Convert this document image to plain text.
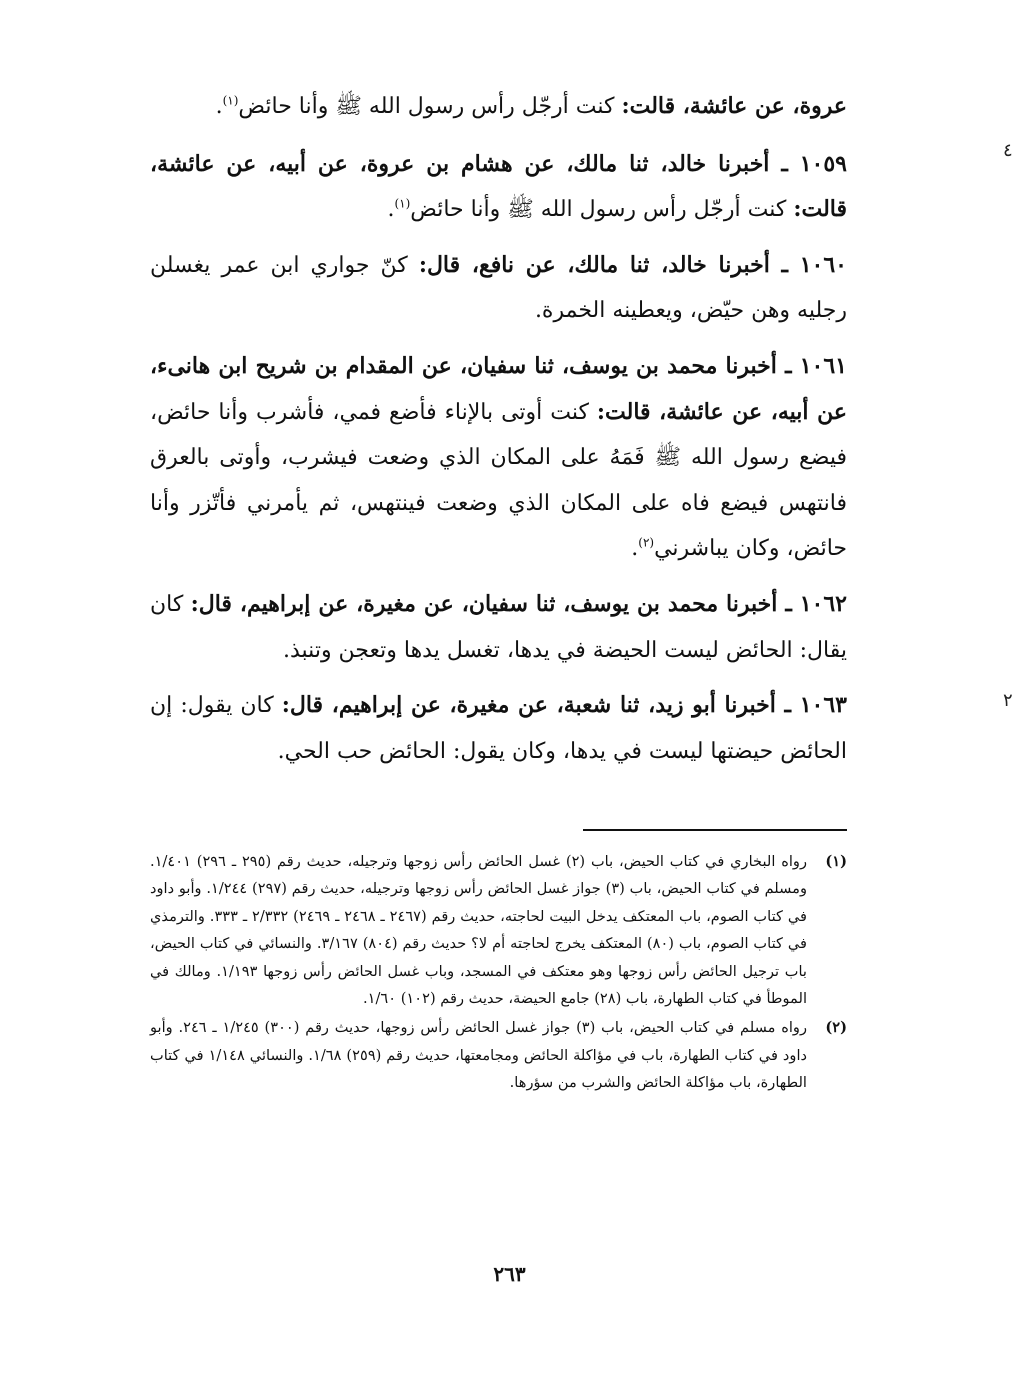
عروة، عن عائشة، قالت: كنت أرجّل رأس رسول الله ﷺ وأنا حائض$^{(١)}$.

١٠٥٩ ـ أخبرنا خالد، ثنا مالك، عن هشام بن عروة، عن أبيه، عن عائشة، قالت: كنت أرجّل رأس رسول الله ﷺ وأنا حائض$^{(١)}$.

١٠٦٠ ـ أخبرنا خالد، ثنا مالك، عن نافع، قال: كنّ جواري ابن عمر يغسلن رجليه وهن حيّض، ويعطينه الخمرة.

١٠٦١ ـ أخبرنا محمد بن يوسف، ثنا سفيان، عن المقدام بن شريح ابن هانىء، عن أبيه، عن عائشة، قالت: كنت أوتى بالإناء فأضع فمي، فأشرب وأنا حائض، فيضع رسول الله ﷺ فَمَهُ على المكان الذي وضعت فيشرب، وأوتى بالعرق فانتهس فيضع فاه على المكان الذي وضعت فينتهس، ثم يأمرني فأتّزر وأنا حائض، وكان يباشرني$^{(٢)}$.

١٠٦٢ ـ أخبرنا محمد بن يوسف، ثنا سفيان، عن مغيرة، عن إبراهيم، قال: كان يقال: الحائض ليست الحيضة في يدها، تغسل يدها وتعجن وتنبذ.

١٠٦٣ ـ أخبرنا أبو زيد، ثنا شعبة، عن مغيرة، عن إبراهيم، قال: كان يقول: إن الحائض حيضتها ليست في يدها، وكان يقول: الحائض حب الحي.

(١)
رواه البخاري في كتاب الحيض، باب (٢) غسل الحائض رأس زوجها وترجيله، حديث رقم (٢٩٥ ـ ٢٩٦) ١/٤٠١. ومسلم في كتاب الحيض، باب (٣) جواز غسل الحائض رأس زوجها وترجيله، حديث رقم (٢٩٧) ١/٢٤٤. وأبو داود في كتاب الصوم، باب المعتكف يدخل البيت لحاجته، حديث رقم (٢٤٦٧ ـ ٢٤٦٨ ـ ٢٤٦٩) ٢/٣٣٢ ـ ٣٣٣. والترمذي في كتاب الصوم، باب (٨٠) المعتكف يخرج لحاجته أم لا؟ حديث رقم (٨٠٤) ٣/١٦٧. والنسائي في كتاب الحيض، باب ترجيل الحائض رأس زوجها وهو معتكف في المسجد، وباب غسل الحائض رأس زوجها ١/١٩٣. ومالك في الموطأ في كتاب الطهارة، باب (٢٨) جامع الحيضة، حديث رقم (١٠٢) ١/٦٠.
(٢)
رواه مسلم في كتاب الحيض، باب (٣) جواز غسل الحائض رأس زوجها، حديث رقم (٣٠٠) ١/٢٤٥ ـ ٢٤٦. وأبو داود في كتاب الطهارة، باب في مؤاكلة الحائض ومجامعتها، حديث رقم (٢٥٩) ١/٦٨. والنسائي ١/١٤٨ في كتاب الطهارة، باب مؤاكلة الحائض والشرب من سؤرها.
٢٦٣
٤
٢
